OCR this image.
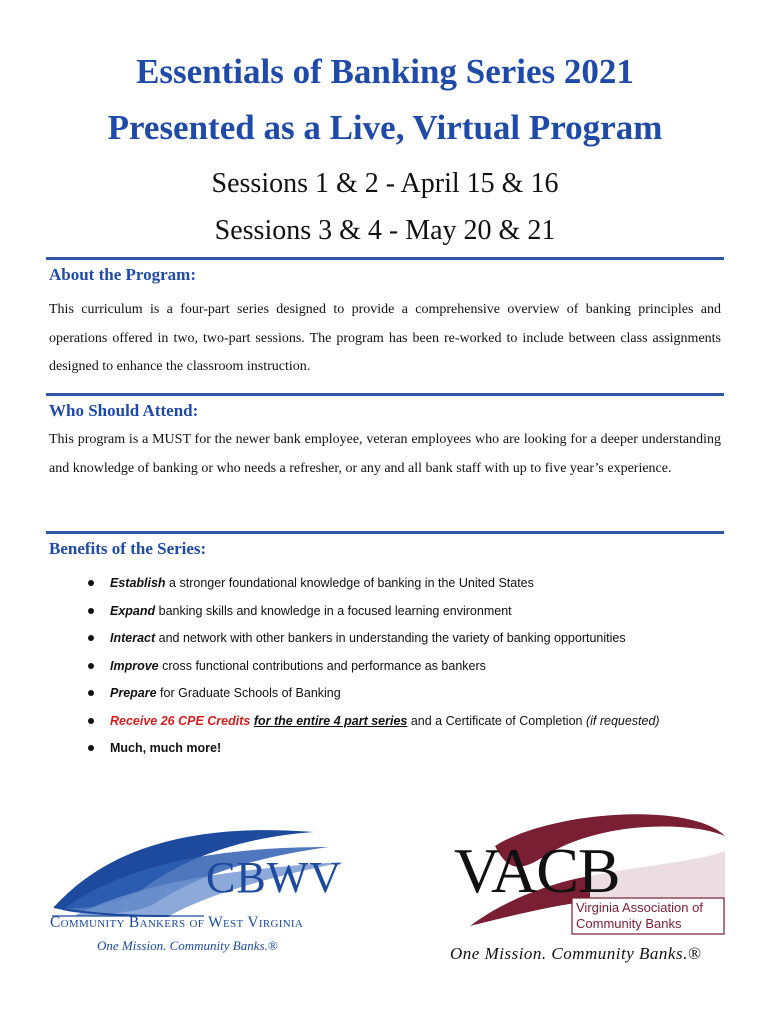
Essentials of Banking Series 2021
Presented as a Live, Virtual Program
Sessions 1 & 2 - April 15 & 16
Sessions 3 & 4 - May 20 & 21
About the Program:
This curriculum is a four-part series designed to provide a comprehensive overview of banking principles and operations offered in two, two-part sessions. The program has been re-worked to include between class assignments designed to enhance the classroom instruction.
Who Should Attend:
This program is a MUST for the newer bank employee, veteran employees who are looking for a deeper understanding and knowledge of banking or who needs a refresher, or any and all bank staff with up to five year’s experience.
Benefits of the Series:
Establish a stronger foundational knowledge of banking in the United States
Expand banking skills and knowledge in a focused learning environment
Interact and network with other bankers in understanding the variety of banking opportunities
Improve cross functional contributions and performance as bankers
Prepare for Graduate Schools of Banking
Receive 26 CPE Credits for the entire 4 part series and a Certificate of Completion (if requested)
Much, much more!
CBWV
Community Bankers of West Virginia
One Mission. Community Banks.®
VACB
Virginia Association of
Community Banks
One Mission. Community Banks.®
